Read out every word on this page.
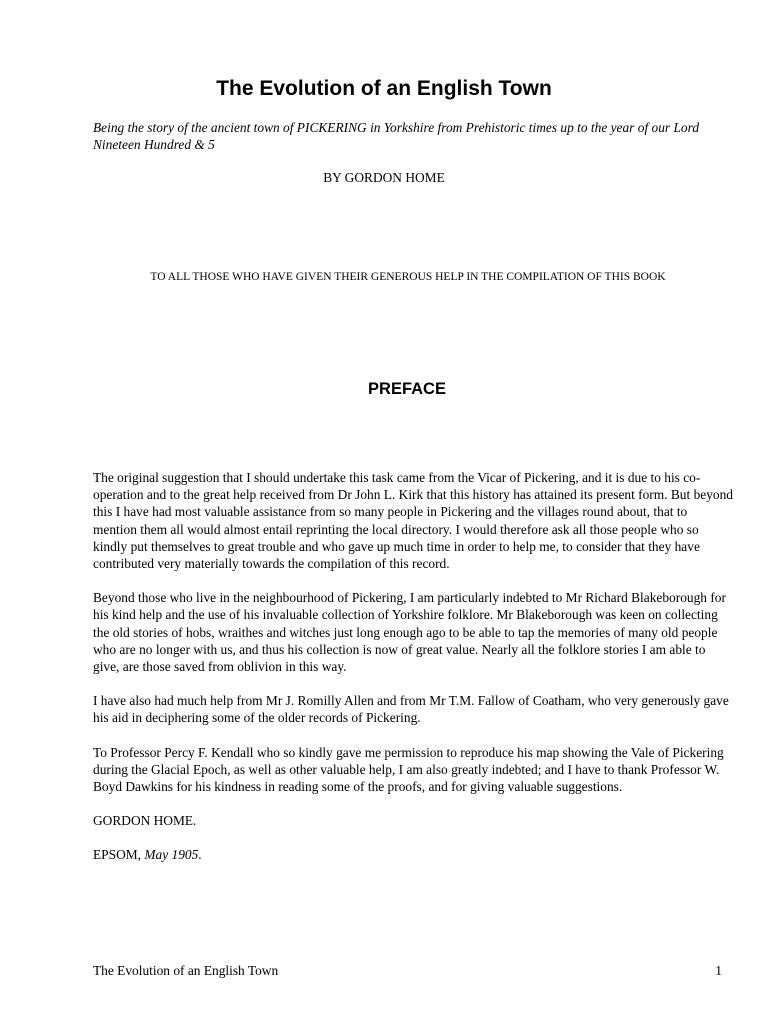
The Evolution of an English Town

Being the story of the ancient town of PICKERING in Yorkshire from Prehistoric times up to the year of our Lord Nineteen Hundred & 5

BY GORDON HOME

TO ALL THOSE WHO HAVE GIVEN THEIR GENEROUS HELP IN THE COMPILATION OF THIS BOOK

PREFACE

The original suggestion that I should undertake this task came from the Vicar of Pickering, and it is due to his co-operation and to the great help received from Dr John L. Kirk that this history has attained its present form. But beyond this I have had most valuable assistance from so many people in Pickering and the villages round about, that to mention them all would almost entail reprinting the local directory. I would therefore ask all those people who so kindly put themselves to great trouble and who gave up much time in order to help me, to consider that they have contributed very materially towards the compilation of this record.

Beyond those who live in the neighbourhood of Pickering, I am particularly indebted to Mr Richard Blakeborough for his kind help and the use of his invaluable collection of Yorkshire folklore. Mr Blakeborough was keen on collecting the old stories of hobs, wraithes and witches just long enough ago to be able to tap the memories of many old people who are no longer with us, and thus his collection is now of great value. Nearly all the folklore stories I am able to give, are those saved from oblivion in this way.

I have also had much help from Mr J. Romilly Allen and from Mr T.M. Fallow of Coatham, who very generously gave his aid in deciphering some of the older records of Pickering.

To Professor Percy F. Kendall who so kindly gave me permission to reproduce his map showing the Vale of Pickering during the Glacial Epoch, as well as other valuable help, I am also greatly indebted; and I have to thank Professor W. Boyd Dawkins for his kindness in reading some of the proofs, and for giving valuable suggestions.

GORDON HOME.

EPSOM, May 1905.

The Evolution of an English Town	1
